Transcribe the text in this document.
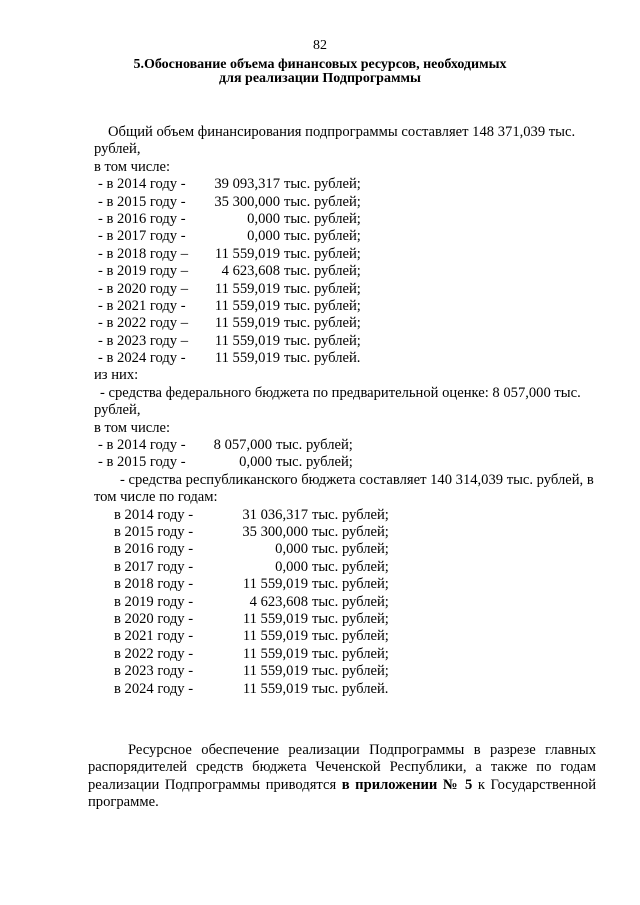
82
5.Обоснование объема финансовых ресурсов, необходимых
для реализации Подпрограммы
Общий объем финансирования подпрограммы составляет 148 371,039 тыс.
рублей,
в том числе:
- в 2014 году -	39 093,317 тыс. рублей;
- в 2015 году -	35 300,000 тыс. рублей;
- в 2016 году -	0,000 тыс. рублей;
- в 2017 году -	0,000 тыс. рублей;
- в 2018 году –	11 559,019 тыс. рублей;
- в 2019 году –	4 623,608 тыс. рублей;
- в 2020 году –	11 559,019 тыс. рублей;
- в 2021 году -	11 559,019 тыс. рублей;
- в 2022 году –	11 559,019 тыс. рублей;
- в 2023 году –	11 559,019 тыс. рублей;
- в 2024 году -	11 559,019 тыс. рублей.
из них:
- средства федерального бюджета по предварительной оценке: 8 057,000 тыс.
рублей,
в том числе:
- в 2014 году -	8 057,000 тыс. рублей;
- в 2015 году -	0,000 тыс. рублей;
- средства республиканского бюджета составляет 140 314,039 тыс. рублей, в
том числе по годам:
в 2014 году -	31 036,317 тыс. рублей;
в 2015 году -	35 300,000 тыс. рублей;
в 2016 году -	0,000 тыс. рублей;
в 2017 году -	0,000 тыс. рублей;
в 2018 году -	11 559,019 тыс. рублей;
в 2019 году -	4 623,608 тыс. рублей;
в 2020 году -	11 559,019 тыс. рублей;
в 2021 году -	11 559,019 тыс. рублей;
в 2022 году -	11 559,019 тыс. рублей;
в 2023 году -	11 559,019 тыс. рублей;
в 2024 году -	11 559,019 тыс. рублей.
Ресурсное обеспечение реализации Подпрограммы в разрезе главных распорядителей средств бюджета Чеченской Республики, а также по годам реализации Подпрограммы приводятся в приложении № 5 к Государственной программе.
